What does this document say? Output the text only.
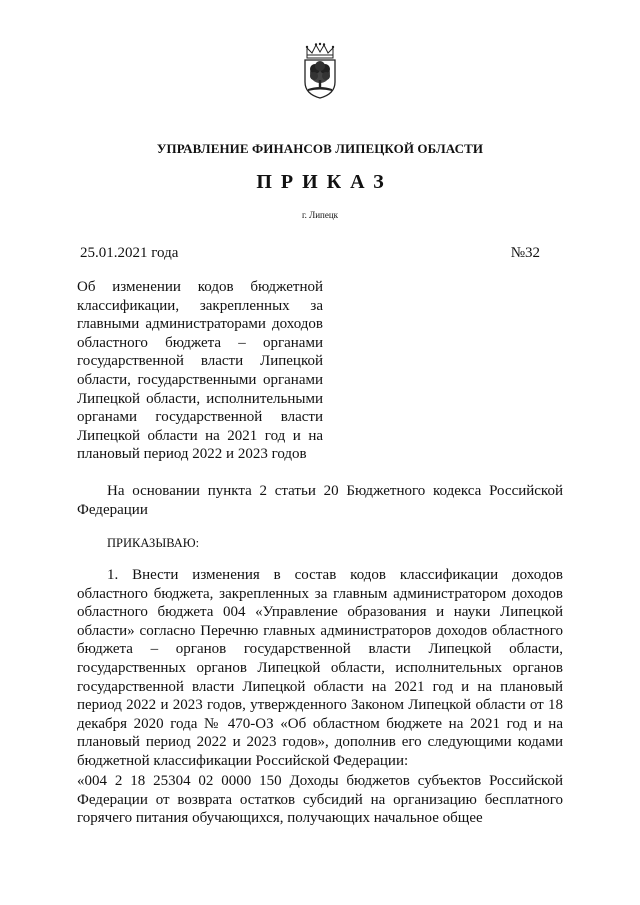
УПРАВЛЕНИЕ ФИНАНСОВ ЛИПЕЦКОЙ ОБЛАСТИ
ПРИКАЗ
г. Липецк
25.01.2021 года	№32
Об изменении кодов бюджетной классификации, закрепленных за главными администраторами доходов областного бюджета – органами государственной власти Липецкой области, государственными органами Липецкой области, исполнительными органами государственной власти Липецкой области на 2021 год и на плановый период 2022 и 2023 годов

На основании пункта 2 статьи 20 Бюджетного кодекса Российской Федерации

ПРИКАЗЫВАЮ:

1. Внести изменения в состав кодов классификации доходов областного бюджета, закрепленных за главным администратором доходов областного бюджета 004 «Управление образования и науки Липецкой области» согласно Перечню главных администраторов доходов областного бюджета – органов государственной власти Липецкой области, государственных органов Липецкой области, исполнительных органов государственной власти Липецкой области на 2021 год и на плановый период 2022 и 2023 годов, утвержденного Законом Липецкой области от 18 декабря 2020 года № 470-ОЗ «Об областном бюджете на 2021 год и на плановый период 2022 и 2023 годов», дополнив его следующими кодами бюджетной классификации Российской Федерации:

«004 2 18 25304 02 0000 150 Доходы бюджетов субъектов Российской Федерации от возврата остатков субсидий на организацию бесплатного горячего питания обучающихся, получающих начальное общее
